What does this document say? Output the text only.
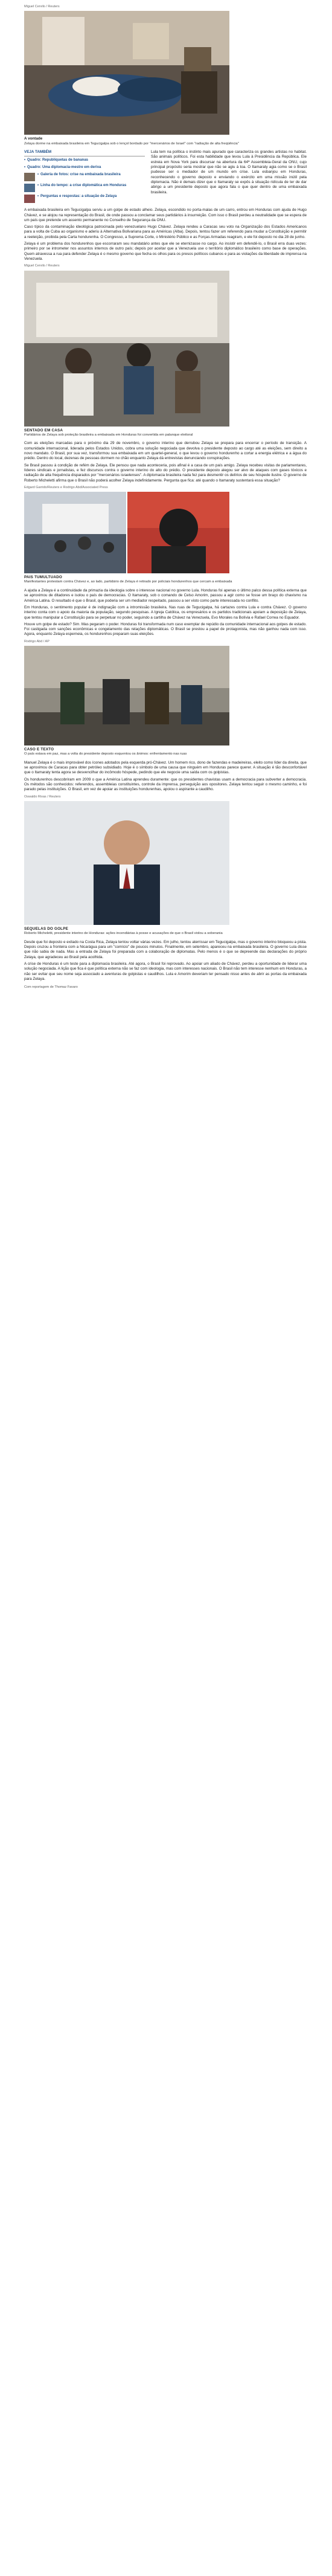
Miguel Cervilo / Reuters
A vontade
Zelaya dorme na embaixada brasileira em Tegucigalpa sob o lençol bordado por "mercenários de Israel" com "radiação de alta freqüência"
VEJA TAMBÉM
• Quadro: Republiquetas de bananas
• Quadro: Uma diplomacia-mestre em deriva
• Galeria de fotos: crise na embaixada brasileira
• Linha do tempo: a crise diplomática em Honduras
• Perguntas e respostas: a situação de Zelaya

Lula tem na política o instinto mais apurado que caracteriza os grandes artistas no habitat. São animais políticos. Foi esta habilidade que levou Lula à Presidência da República. Ele estreia em Nova York para discursar na abertura da 64ª Assembleia-Geral da ONU, cujo principal propósito seria mostrar que não se agiu à toa. O Itamaraty agia como se o Brasil pudesse ser o mediador de um mundo em crise. Lula esbanjou em Honduras, reconhecendo o governo deposto e enviando o exército em uma missão inútil pela diplomacia. Não é demais dizer que o Itamaraty se expôs à situação ridícula de ter de dar abrigo a um presidente deposto que agora fala o que quer dentro de uma embaixada brasileira.

A embaixada brasileira em Tegucigalpa serviu a um golpe de estado alheio. Zelaya, escondido no porta-malas de um carro, entrou em Honduras com ajuda de Hugo Chávez, e se alojou na representação do Brasil, de onde passou a conclamar seus partidários à insurreição. Com isso o Brasil perdeu a neutralidade que se espera de um país que pretende um assento permanente no Conselho de Segurança da ONU.

Caso típico da contaminação ideológica patrocinada pelo venezuelano Hugo Chávez. Zelaya rendeu a Caracas seu voto na Organização dos Estados Americanos para a volta de Cuba ao organismo e aderiu à Alternativa Bolivariana para as Américas (Alba). Depois, tentou fazer um referendo para mudar a Constituição e permitir a reeleição, proibida pela Carta hondurenha. O Congresso, a Suprema Corte, o Ministério Público e as Forças Armadas reagiram, e ele foi deposto no dia 28 de junho.

Zelaya é um problema dos hondurenhos que escorraram seu mandatário antes que ele se eternizasse no cargo. Ao insistir em defendê-lo, o Brasil erra duas vezes: primeiro por se intrometer nos assuntos internos de outro país; depois por aceitar que a Venezuela use o território diplomático brasileiro como base de operações. Quem atravessa a rua para defender Zelaya é o mesmo governo que fecha os olhos para os presos políticos cubanos e para as violações da liberdade de imprensa na Venezuela.

Miguel Cervilo / Reuters
SENTADO EM CASA
Partidários de Zelaya sob proteção brasileira a embaixada em Honduras foi convertida em palanque eleitoral

Com as eleições marcadas para o próximo dia 29 de novembro, o governo interino que derrubou Zelaya se prepara para encerrar o período de transição. A comunidade internacional, liderada pelos Estados Unidos, cobra uma solução negociada que devolva o presidente deposto ao cargo até as eleições, sem direito a novo mandato. O Brasil, por sua vez, transformou sua embaixada em um quartel-general, o que levou o governo hondurenho a cortar a energia elétrica e a água do prédio. Dentro do local, dezenas de pessoas dormem no chão enquanto Zelaya dá entrevistas denunciando conspirações.

Se Brasil passou à condição de refém de Zelaya. Ele pensou que nada aconteceria, pois afinal é a casa de um país amigo. Zelaya recebeu visitas de parlamentares, líderes sindicais e jornalistas, e fez discursos contra o governo interino do alto do prédio. O presidente deposto alegou ser alvo de ataques com gases tóxicos e radiação de alta frequência disparados por "mercenários israelenses". A diplomacia brasileira nada fez para desmentir os delírios de seu hóspede ilustre. O governo de Roberto Micheletti afirma que o Brasil não poderá acolher Zelaya indefinidamente. Pergunta que fica: até quando o Itamaraty sustentará essa situação?

Edgard Garrido/Reuters e Rodrigo Abd/Associated Press
PAIS TUMULTUADO
Manifestantes protestam contra Chávez e, ao lado, partidário de Zelaya é retirado por policiais hondurenhos que cercam a embaixada

A ajuda a Zelaya é a continuidade da primazia da ideologia sobre o interesse nacional no governo Lula. Honduras foi apenas o último palco dessa política externa que se aproximou de ditadores e isolou o país de democracias. O Itamaraty, sob o comando de Celso Amorim, passou a agir como se fosse um braço do chavismo na América Latina. O resultado é que o Brasil, que poderia ser um mediador respeitado, passou a ser visto como parte interessada no conflito.

Em Honduras, o sentimento popular é de indignação com a intromissão brasileira. Nas ruas de Tegucigalpa, há cartazes contra Lula e contra Chávez. O governo interino conta com o apoio da maioria da população, segundo pesquisas. A Igreja Católica, os empresários e os partidos tradicionais apoiam a deposição de Zelaya, que tentou manipular a Constituição para se perpetuar no poder, seguindo a cartilha de Chávez na Venezuela, Evo Morales na Bolívia e Rafael Correa no Equador.

Houve um golpe de estado? Sim. Mas pegaram o poder. Honduras foi transformada num caso exemplar de repúdio da comunidade internacional aos golpes de estado. Foi castigada com sanções econômicas e congelamento das relações diplomáticas. O Brasil se prestou a papel de protagonista, mas não ganhou nada com isso. Agora, enquanto Zelaya esperneia, os hondurenhos preparam suas eleições.

Rodrigo Abd / AP
CASO E TEXTO
O país estava em paz, mas a volta do presidente deposto esquentou os ânimos: enfrentamento nas ruas

Manuel Zelaya é o mais improvável dos ícones adotados pela esquerda pró-Chávez. Um homem rico, dono de fazendas e madeireiras, eleito como líder da direita, que se aproximou de Caracas para obter petróleo subsidiado. Hoje é o símbolo de uma causa que ninguém em Honduras parece querer. A situação é tão desconfortável que o Itamaraty tenta agora se desvencilhar do incômodo hóspede, pedindo que ele negocie uma saída com os golpistas.

Os hondurenhos descobriram em 2009 o que a América Latina aprendeu duramente: que os presidentes chavistas usam a democracia para subverter a democracia. Os métodos são conhecidos: referendos, assembleias constituintes, controle da imprensa, perseguição aos opositores. Zelaya tentou seguir o mesmo caminho, e foi parado pelas instituições. O Brasil, em vez de apoiar as instituições hondurenhas, apoiou o aspirante a caudilho.

Oswaldo Rivas / Reuters
SEQUELAS DO GOLPE
Roberto Micheletti, presidente interino de Honduras: ações incendiárias à posse e acusações de que o Brasil violou a soberania

Desde que foi deposto e exilado na Costa Rica, Zelaya tentou voltar várias vezes. Em julho, tentou aterrissar em Tegucigalpa, mas o governo interino bloqueou a pista. Depois cruzou a fronteira com a Nicarágua para um "comício" de poucos minutos. Finalmente, em setembro, apareceu na embaixada brasileira. O governo Lula disse que não sabia de nada. Mas a entrada de Zelaya foi preparada com a colaboração de diplomatas. Pelo menos é o que se depreende das declarações do próprio Zelaya, que agradeceu ao Brasil pela acolhida.

A crise de Honduras é um teste para a diplomacia brasileira. Até agora, o Brasil foi reprovado. Ao apoiar um aliado de Chávez, perdeu a oportunidade de liderar uma solução negociada. A lição que fica é que política externa não se faz com ideologia, mas com interesses nacionais. O Brasil não tem interesse nenhum em Honduras, a não ser evitar que seu nome seja associado a aventuras de golpistas e caudilhos. Lula e Amorim deveriam ter pensado nisso antes de abrir as portas da embaixada para Zelaya.

Com reportagem de Thomaz Favaro
